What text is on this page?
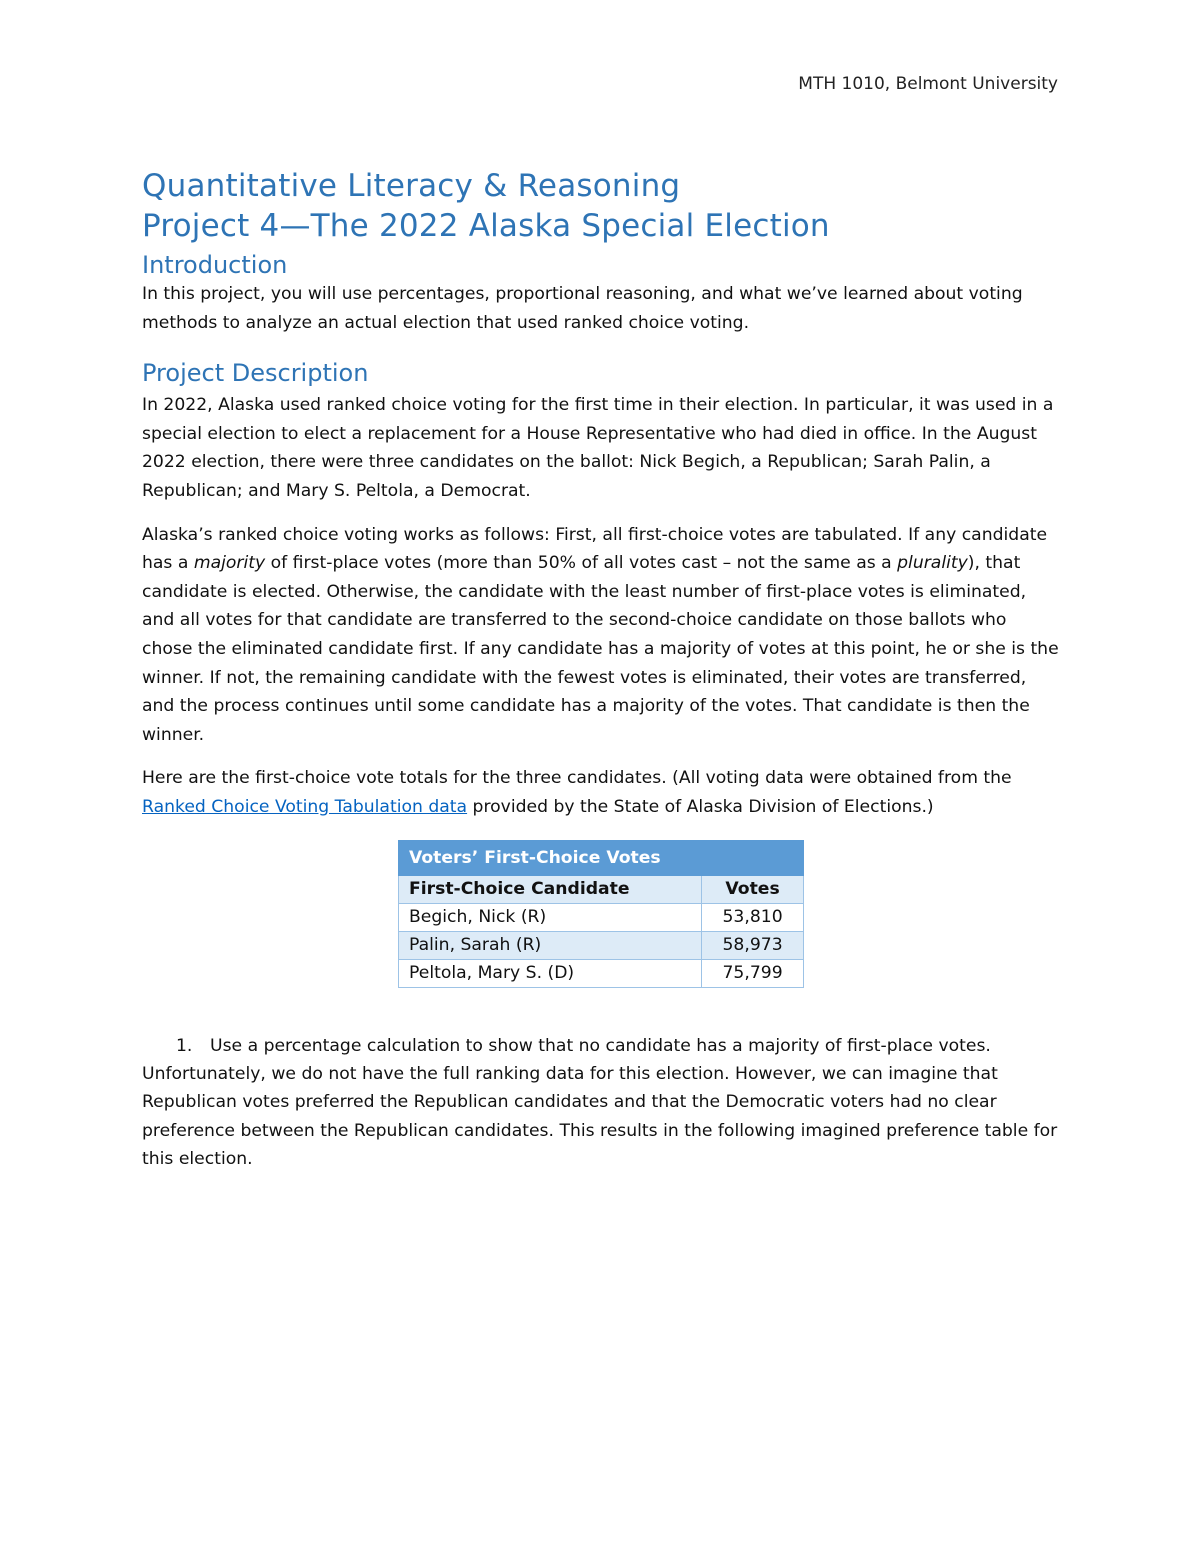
MTH 1010, Belmont University
Quantitative Literacy & Reasoning
Project 4—The 2022 Alaska Special Election
Introduction

In this project, you will use percentages, proportional reasoning, and what we’ve learned about voting methods to analyze an actual election that used ranked choice voting.

Project Description

In 2022, Alaska used ranked choice voting for the first time in their election. In particular, it was used in a special election to elect a replacement for a House Representative who had died in office. In the August 2022 election, there were three candidates on the ballot: Nick Begich, a Republican; Sarah Palin, a Republican; and Mary S. Peltola, a Democrat.

Alaska’s ranked choice voting works as follows: First, all first-choice votes are tabulated. If any candidate has a majority of first-place votes (more than 50% of all votes cast – not the same as a plurality), that candidate is elected. Otherwise, the candidate with the least number of first-place votes is eliminated, and all votes for that candidate are transferred to the second-choice candidate on those ballots who chose the eliminated candidate first. If any candidate has a majority of votes at this point, he or she is the winner. If not, the remaining candidate with the fewest votes is eliminated, their votes are transferred, and the process continues until some candidate has a majority of the votes. That candidate is then the winner.

Here are the first-choice vote totals for the three candidates. (All voting data were obtained from the Ranked Choice Voting Tabulation data provided by the State of Alaska Division of Elections.)

Voters’ First-Choice Votes	
First-Choice Candidate	Votes
Begich, Nick (R)	53,810
Palin, Sarah (R)	58,973
Peltola, Mary S. (D)	75,799
1.	Use a percentage calculation to show that no candidate has a majority of first-place votes.

Unfortunately, we do not have the full ranking data for this election. However, we can imagine that Republican votes preferred the Republican candidates and that the Democratic voters had no clear preference between the Republican candidates. This results in the following imagined preference table for this election.
